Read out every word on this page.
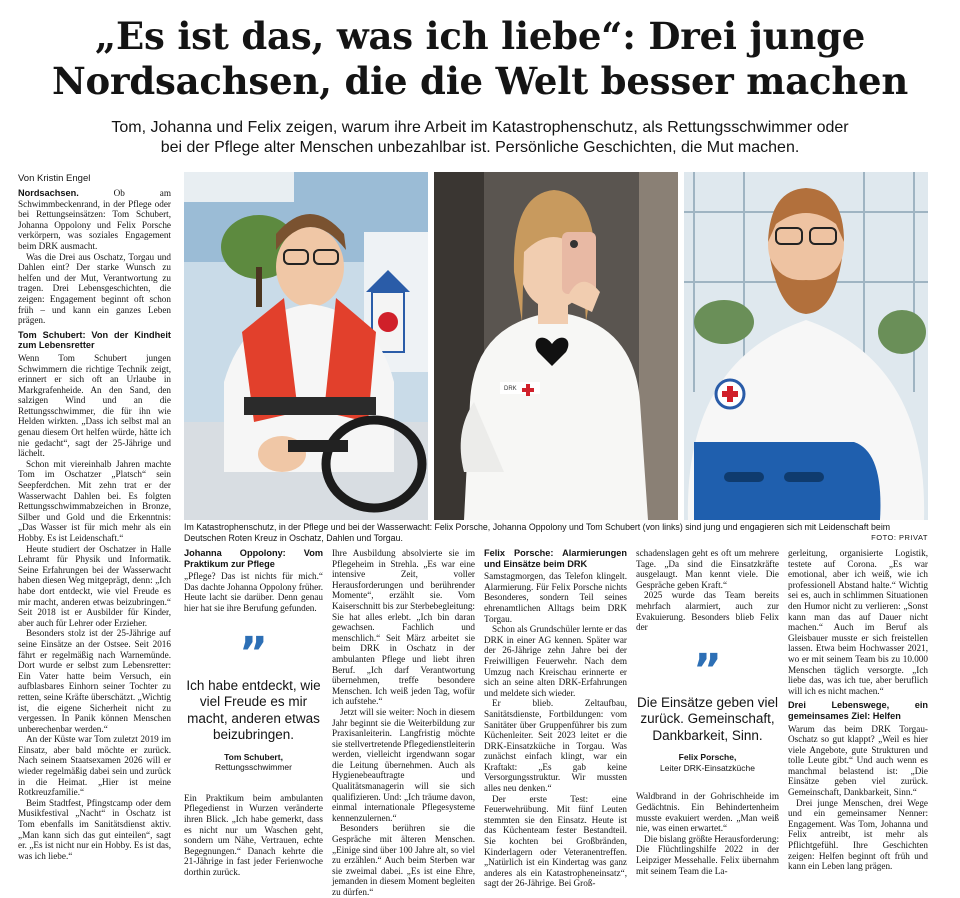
„Es ist das, was ich liebe“: Drei junge
Nordsachsen, die die Welt besser machen
Tom, Johanna und Felix zeigen, warum ihre Arbeit im Katastrophenschutz, als Rettungsschwimmer oder
bei der Pflege alter Menschen unbezahlbar ist. Persönliche Geschichten, die Mut machen.
Von Kristin Engel

Nordsachsen. Ob am Schwimmbeckenrand, in der Pflege oder bei Rettungseinsätzen: Tom Schubert, Johanna Oppolony und Felix Porsche verkörpern, was soziales Engagement beim DRK ausmacht.

Was die Drei aus Oschatz, Torgau und Dahlen eint? Der starke Wunsch zu helfen und der Mut, Verantwortung zu tragen. Drei Lebensgeschichten, die zeigen: Engagement beginnt oft schon früh – und kann ein ganzes Leben prägen.

Tom Schubert: Von der Kindheit zum Lebensretter

Wenn Tom Schubert jungen Schwimmern die richtige Technik zeigt, erinnert er sich oft an Urlaube in Markgrafenheide. An den Sand, den salzigen Wind und an die Rettungsschwimmer, die für ihn wie Helden wirkten. „Dass ich selbst mal an genau diesem Ort helfen würde, hätte ich nie gedacht“, sagt der 25-Jährige und lächelt.

Schon mit viereinhalb Jahren machte Tom im Oschatzer „Platsch“ sein Seepferdchen. Mit zehn trat er der Wasserwacht Dahlen bei. Es folgten Rettungsschwimmabzeichen in Bronze, Silber und Gold und die Erkenntnis: „Das Wasser ist für mich mehr als ein Hobby. Es ist Leidenschaft.“

Heute studiert der Oschatzer in Halle Lehramt für Physik und Informatik. Seine Erfahrungen bei der Wasserwacht haben diesen Weg mitgeprägt, denn: „Ich habe dort entdeckt, wie viel Freude es mir macht, anderen etwas beizubringen.“ Seit 2018 ist er Ausbilder für Kinder, aber auch für Lehrer oder Erzieher.

Besonders stolz ist der 25-Jährige auf seine Einsätze an der Ostsee. Seit 2016 fährt er regelmäßig nach Warnemünde. Dort wurde er selbst zum Lebensretter: Ein Vater hatte beim Versuch, ein aufblasbares Einhorn seiner Tochter zu retten, seine Kräfte überschätzt. „Wichtig ist, die eigene Sicherheit nicht zu vergessen. In Panik können Menschen unberechenbar werden.“

An der Küste war Tom zuletzt 2019 im Einsatz, aber bald möchte er zurück. Nach seinem Staatsexamen 2026 will er wieder regelmäßig dabei sein und zurück in die Heimat. „Hier ist meine Rotkreuzfamilie.“

Beim Stadtfest, Pfingstcamp oder dem Musikfestival „Nacht“ in Oschatz ist Tom ebenfalls im Sanitätsdienst aktiv. „Man kann sich das gut einteilen“, sagt er. „Es ist nicht nur ein Hobby. Es ist das, was ich liebe.“

DRK
Im Katastrophenschutz, in der Pflege und bei der Wasserwacht: Felix Porsche, Johanna Oppolony und Tom Schubert (von links) sind jung und engagieren sich mit Leidenschaft beim Deutschen Roten Kreuz in Oschatz, Dahlen und Torgau.	FOTO: PRIVAT
Johanna Oppolony: Vom Praktikum zur Pflege

„Pflege? Das ist nichts für mich.“ Das dachte Johanna Oppolony früher. Heute lacht sie darüber. Denn genau hier hat sie ihre Berufung gefunden.

”
Ich habe entdeckt, wie viel Freude es mir macht, anderen etwas beizubringen.
Tom Schubert,
Rettungsschwimmer

Ein Praktikum beim ambulanten Pflegedienst in Wurzen veränderte ihren Blick. „Ich habe gemerkt, dass es nicht nur um Waschen geht, sondern um Nähe, Vertrauen, echte Begegnungen.“ Danach kehrte die 21-Jährige in fast jeder Ferienwoche dorthin zurück.

Ihre Ausbildung absolvierte sie im Pflegeheim in Strehla. „Es war eine intensive Zeit, voller Herausforderungen und berührender Momente“, erzählt sie. Vom Kaiserschnitt bis zur Sterbebegleitung: Sie hat alles erlebt. „Ich bin daran gewachsen. Fachlich und menschlich.“ Seit März arbeitet sie beim DRK in Oschatz in der ambulanten Pflege und liebt ihren Beruf. „Ich darf Verantwortung übernehmen, treffe besondere Menschen. Ich weiß jeden Tag, wofür ich aufstehe.“

Jetzt will sie weiter: Noch in diesem Jahr beginnt sie die Weiterbildung zur Praxisanleiterin. Langfristig möchte sie stellvertretende Pflegedienstleiterin werden, vielleicht irgendwann sogar die Leitung übernehmen. Auch als Hygienebeauftragte und Qualitätsmanagerin will sie sich qualifizieren. Und: „Ich träume davon, einmal internationale Pflegesysteme kennenzulernen.“

Besonders berühren sie die Gespräche mit älteren Menschen. „Einige sind über 100 Jahre alt, so viel zu erzählen.“ Auch beim Sterben war sie zweimal dabei. „Es ist eine Ehre, jemanden in diesem Moment begleiten zu dürfen.“

Felix Porsche: Alarmierungen und Einsätze beim DRK

Samstagmorgen, das Telefon klingelt. Alarmierung. Für Felix Porsche nichts Besonderes, sondern Teil seines ehrenamtlichen Alltags beim DRK Torgau.

Schon als Grundschüler lernte er das DRK in einer AG kennen. Später war der 26-Jährige zehn Jahre bei der Freiwilligen Feuerwehr. Nach dem Umzug nach Kreischau erinnerte er sich an seine alten DRK-Erfahrungen und meldete sich wieder.

Er blieb. Zeltaufbau, Sanitätsdienste, Fortbildungen: vom Sanitäter über Gruppenführer bis zum Küchenleiter. Seit 2023 leitet er die DRK-Einsatzküche in Torgau. Was zunächst einfach klingt, war ein Kraftakt: „Es gab keine Versorgungsstruktur. Wir mussten alles neu denken.“

Der erste Test: eine Feuerwehrübung. Mit fünf Leuten stemmten sie den Einsatz. Heute ist das Küchenteam fester Bestandteil. Sie kochten bei Großbränden, Kinderlagern oder Veteranentreffen. „Natürlich ist ein Kindertag was ganz anderes als ein Katastropheneinsatz“, sagt der 26-Jährige. Bei Groß-

schadenslagen geht es oft um mehrere Tage. „Da sind die Einsatzkräfte ausgelaugt. Man kennt viele. Die Gespräche geben Kraft.“

2025 wurde das Team bereits mehrfach alarmiert, auch zur Evakuierung. Besonders blieb Felix der

”
Die Einsätze geben viel zurück. Gemeinschaft, Dankbarkeit, Sinn.
Felix Porsche,
Leiter DRK-Einsatzküche

Waldbrand in der Gohrischheide im Gedächtnis. Ein Behindertenheim musste evakuiert werden. „Man weiß nie, was einen erwartet.“

Die bislang größte Herausforderung: Die Flüchtlingshilfe 2022 in der Leipziger Messehalle. Felix übernahm mit seinem Team die La-

gerleitung, organisierte Logistik, testete auf Corona. „Es war emotional, aber ich weiß, wie ich professionell Abstand halte.“ Wichtig sei es, auch in schlimmen Situationen den Humor nicht zu verlieren: „Sonst kann man das auf Dauer nicht machen.“ Auch im Beruf als Gleisbauer musste er sich freistellen lassen. Etwa beim Hochwasser 2021, wo er mit seinem Team bis zu 10.000 Menschen täglich versorgte. „Ich liebe das, was ich tue, aber beruflich will ich es nicht machen.“

Drei Lebenswege, ein gemeinsames Ziel: Helfen

Warum das beim DRK Torgau-Oschatz so gut klappt? „Weil es hier viele Angebote, gute Strukturen und tolle Leute gibt.“ Und auch wenn es manchmal belastend ist: „Die Einsätze geben viel zurück. Gemeinschaft, Dankbarkeit, Sinn.“

Drei junge Menschen, drei Wege und ein gemeinsamer Nenner: Engagement. Was Tom, Johanna und Felix antreibt, ist mehr als Pflichtgefühl. Ihre Geschichten zeigen: Helfen beginnt oft früh und kann ein Leben lang prägen.
